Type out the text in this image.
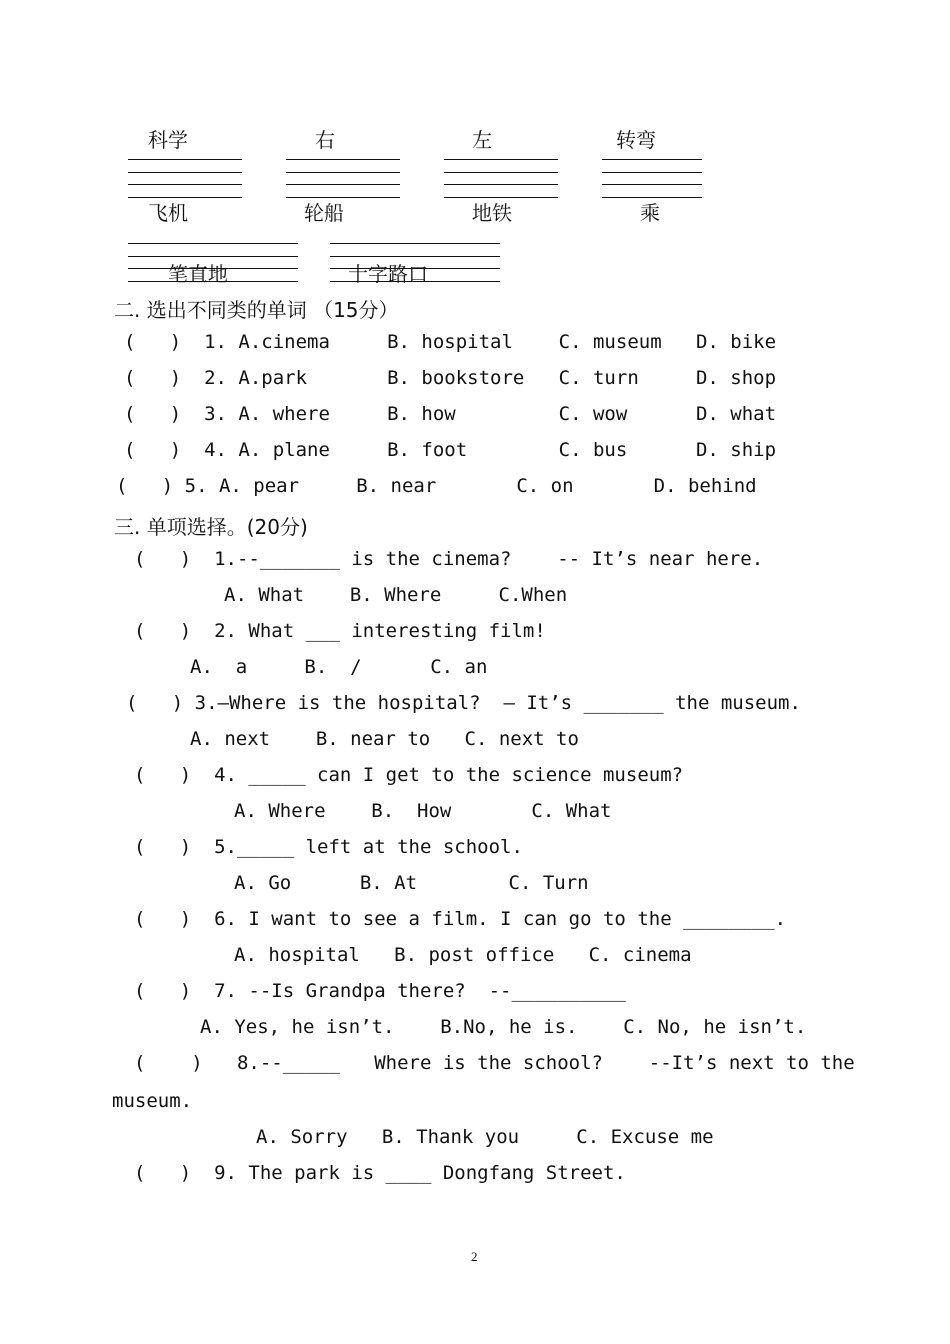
科学	右	左	转弯
飞机	轮船	地铁	乘
笔直地	十字路口
二. 选出不同类的单词 （15分）
(   )  1. A.cinema     B. hospital    C. museum   D. bike
(   )  2. A.park       B. bookstore   C. turn     D. shop
(   )  3. A. where     B. how         C. wow      D. what
(   )  4. A. plane     B. foot        C. bus      D. ship
(   ) 5. A. pear     B. near       C. on       D. behind
三. 单项选择。(20分)
(   )  1.--_______ is the cinema?    -- It’s near here.
A. What    B. Where     C.When
(   )  2. What ___ interesting film!
A.  a     B.  /      C. an
(   ) 3.—Where is the hospital?  — It’s _______ the museum.
A. next    B. near to   C. next to
(   )  4. _____ can I get to the science museum?
A. Where    B.  How       C. What
(   )  5._____ left at the school.
A. Go      B. At        C. Turn
(   )  6. I want to see a film. I can go to the ________.
A. hospital   B. post office   C. cinema
(   )  7. --Is Grandpa there?  --__________
A. Yes, he isn’t.    B.No, he is.    C. No, he isn’t.
(    )   8.--_____   Where is the school?    --It’s next to the
museum.
A. Sorry   B. Thank you     C. Excuse me
(   )  9. The park is ____ Dongfang Street.
2
